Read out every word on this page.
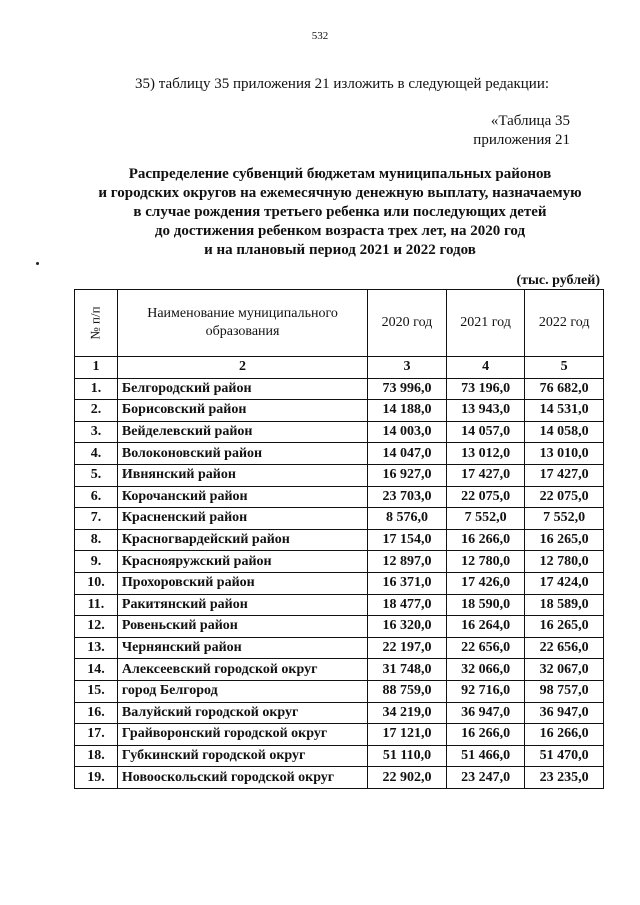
532
35) таблицу 35 приложения 21 изложить в следующей редакции:
«Таблица 35
приложения 21
Распределение субвенций бюджетам муниципальных районов
и городских округов на ежемесячную денежную выплату, назначаемую
в случае рождения третьего ребенка или последующих детей
до достижения ребенком возраста трех лет, на 2020 год
и на плановый период 2021 и 2022 годов
(тыс. рублей)
№ п/п	Наименование муниципального образования	2020 год	2021 год	2022 год
1	2	3	4	5
1.	Белгородский район	73 996,0	73 196,0	76 682,0
2.	Борисовский район	14 188,0	13 943,0	14 531,0
3.	Вейделевский район	14 003,0	14 057,0	14 058,0
4.	Волоконовский район	14 047,0	13 012,0	13 010,0
5.	Ивнянский район	16 927,0	17 427,0	17 427,0
6.	Корочанский район	23 703,0	22 075,0	22 075,0
7.	Красненский район	8 576,0	7 552,0	7 552,0
8.	Красногвардейский район	17 154,0	16 266,0	16 265,0
9.	Краснояружский район	12 897,0	12 780,0	12 780,0
10.	Прохоровский район	16 371,0	17 426,0	17 424,0
11.	Ракитянский район	18 477,0	18 590,0	18 589,0
12.	Ровеньский район	16 320,0	16 264,0	16 265,0
13.	Чернянский район	22 197,0	22 656,0	22 656,0
14.	Алексеевский городской округ	31 748,0	32 066,0	32 067,0
15.	город Белгород	88 759,0	92 716,0	98 757,0
16.	Валуйский городской округ	34 219,0	36 947,0	36 947,0
17.	Грайворонский городской округ	17 121,0	16 266,0	16 266,0
18.	Губкинский городской округ	51 110,0	51 466,0	51 470,0
19.	Новооскольский городской округ	22 902,0	23 247,0	23 235,0
